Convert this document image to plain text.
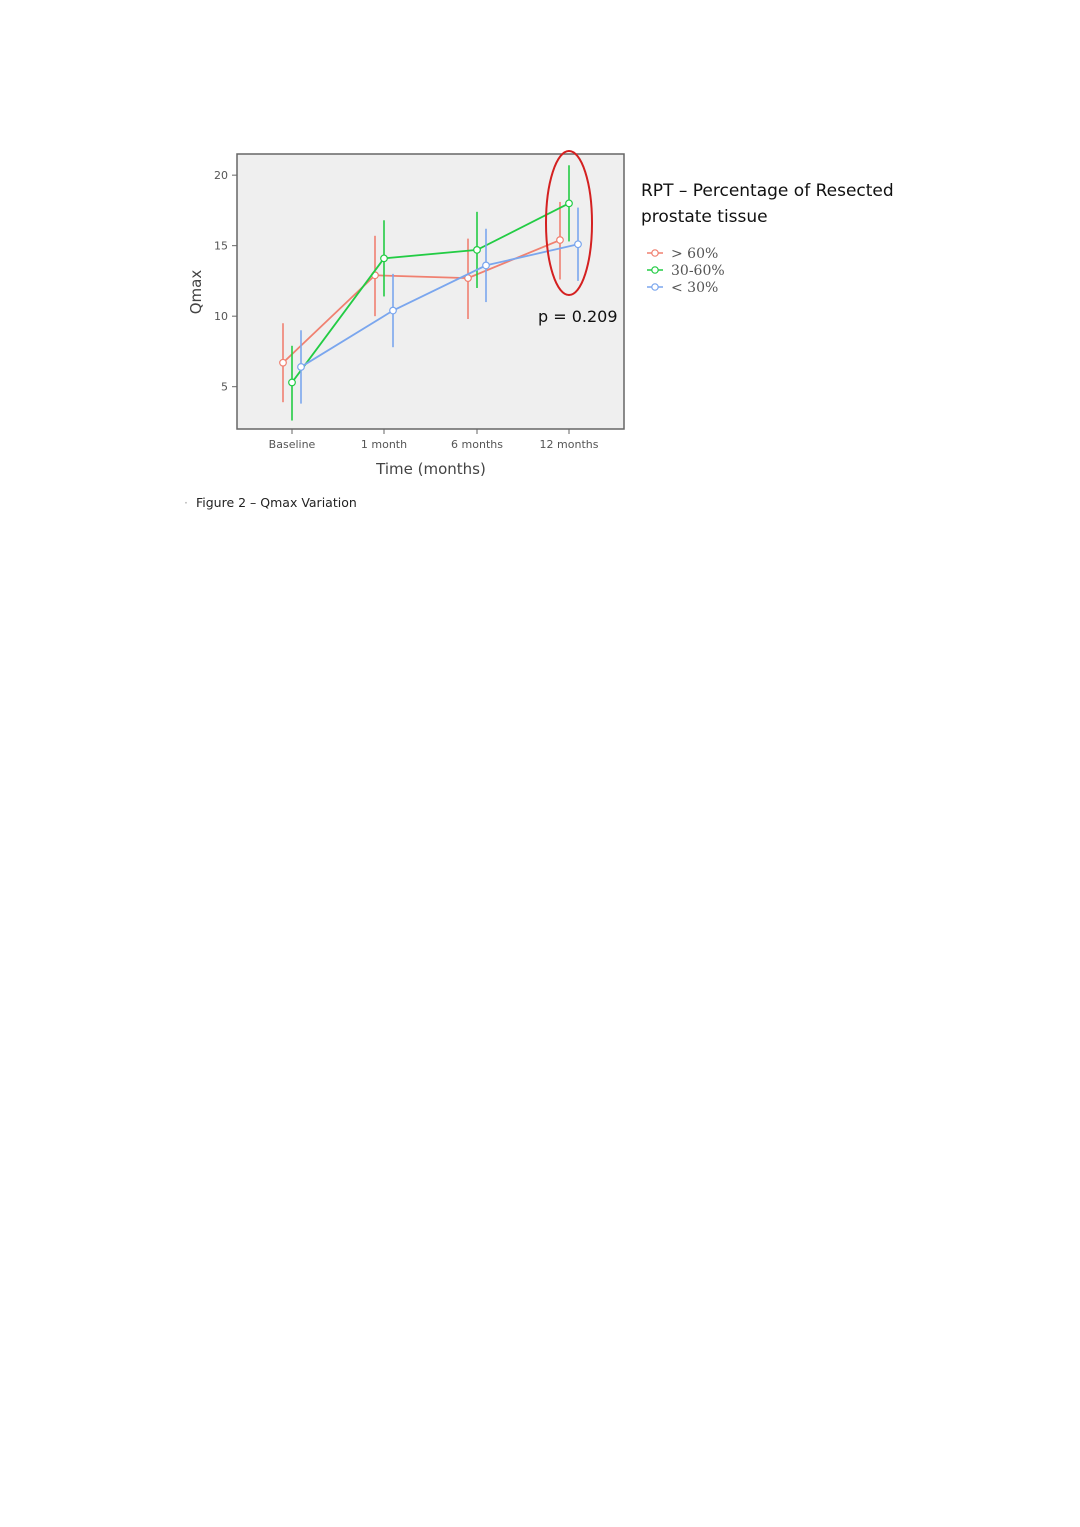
5
10
15
20
Baseline	1 month	6 months	12 months
p = 0.209
Time (months)
Qmax
RPT – Percentage of Resected
prostate tissue
> 60%
30-60%
< 30%
· Figure 2 – Qmax Variation
